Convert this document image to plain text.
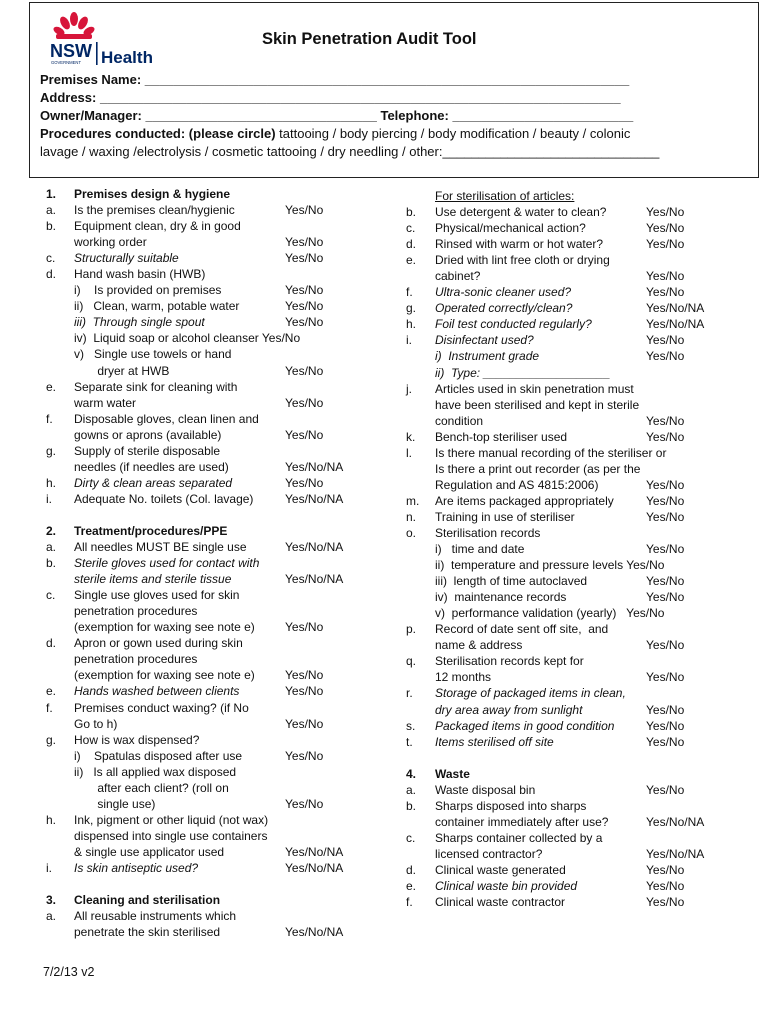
NSW
GOVERNMENT Health
Skin Penetration Audit Tool
Premises Name: ___________________________________________________________________
Address: ________________________________________________________________________
Owner/Manager: ________________________________ Telephone: _________________________
Procedures conducted: (please circle) tattooing / body piercing / body modification / beauty / colonic
lavage / waxing /electrolysis / cosmetic tattooing / dry needling / other:______________________________
1. Premises design & hygiene
a. Is the premises clean/hygienic	Yes/No
b. Equipment clean, dry & in good
working order	Yes/No
c. Structurally suitable	Yes/No
d. Hand wash basin (HWB)
i)    Is provided on premises	Yes/No
ii)   Clean, warm, potable water	Yes/No
iii)  Through single spout	Yes/No
iv)  Liquid soap or alcohol cleanser Yes/No
v)   Single use towels or hand
dryer at HWB	Yes/No
e. Separate sink for cleaning with
warm water	Yes/No
f. Disposable gloves, clean linen and
gowns or aprons (available)	Yes/No
g. Supply of sterile disposable
needles (if needles are used)	Yes/No/NA
h. Dirty & clean areas separated	Yes/No
i. Adequate No. toilets (Col. lavage)	Yes/No/NA
2. Treatment/procedures/PPE
a. All needles MUST BE single use	Yes/No/NA
b. Sterile gloves used for contact with
sterile items and sterile tissue	Yes/No/NA
c. Single use gloves used for skin
penetration procedures
(exemption for waxing see note e)	Yes/No
d. Apron or gown used during skin
penetration procedures
(exemption for waxing see note e)	Yes/No
e. Hands washed between clients	Yes/No
f. Premises conduct waxing? (if No
Go to h)	Yes/No
g. How is wax dispensed?
i)    Spatulas disposed after use	Yes/No
ii)   Is all applied wax disposed
after each client? (roll on
single use)	Yes/No
h. Ink, pigment or other liquid (not wax)
dispensed into single use containers
& single use applicator used	Yes/No/NA
i. Is skin antiseptic used?	Yes/No/NA
3. Cleaning and sterilisation
a. All reusable instruments which
penetrate the skin sterilised	Yes/No/NA
For sterilisation of articles:
b. Use detergent & water to clean?	Yes/No
c. Physical/mechanical action?	Yes/No
d. Rinsed with warm or hot water?	Yes/No
e. Dried with lint free cloth or drying
cabinet?	Yes/No
f. Ultra-sonic cleaner used?	Yes/No
g. Operated correctly/clean?	Yes/No/NA
h. Foil test conducted regularly?	Yes/No/NA
i. Disinfectant used?	Yes/No
i)  Instrument grade	Yes/No
ii)  Type: ___________________
j. Articles used in skin penetration must
have been sterilised and kept in sterile
condition	Yes/No
k. Bench-top steriliser used	Yes/No
l. Is there manual recording of the steriliser or
Is there a print out recorder (as per the
Regulation and AS 4815:2006)	Yes/No
m. Are items packaged appropriately	Yes/No
n. Training in use of steriliser	Yes/No
o. Sterilisation records
i)   time and date	Yes/No
ii)  temperature and pressure levels Yes/No
iii)  length of time autoclaved	Yes/No
iv)  maintenance records	Yes/No
v)  performance validation (yearly)   Yes/No
p. Record of date sent off site,  and
name & address	Yes/No
q. Sterilisation records kept for
12 months	Yes/No
r. Storage of packaged items in clean,
dry area away from sunlight	Yes/No
s. Packaged items in good condition	Yes/No
t. Items sterilised off site	Yes/No
4. Waste
a. Waste disposal bin	Yes/No
b. Sharps disposed into sharps
container immediately after use?	Yes/No/NA
c. Sharps container collected by a
licensed contractor?	Yes/No/NA
d. Clinical waste generated	Yes/No
e. Clinical waste bin provided	Yes/No
f. Clinical waste contractor	Yes/No
7/2/13 v2
